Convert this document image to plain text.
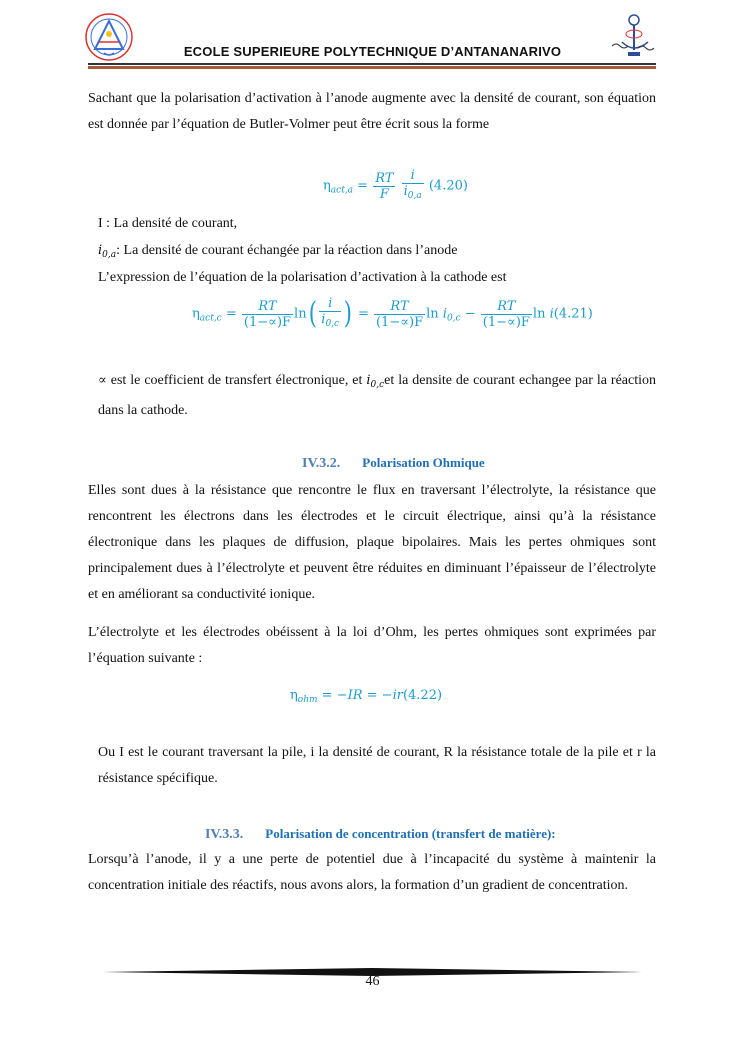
ECOLE SUPERIEURE POLYTECHNIQUE D’ANTANANARIVO
Sachant que la polarisation d’activation à l’anode augmente avec la densité de courant, son équation est donnée par l’équation de Butler-Volmer peut être écrit sous la forme
$\eta_{act,a} = \frac{RT}{F}$
$\frac{i}{i_{0,a}} (4.20)$
I : La densité de courant,
$i_{0,a}$: La densité de courant échangée par la réaction dans l’anode
L’expression de l’équation de la polarisation d’activation à la cathode est
$\eta_{act,c} = \frac{RT}{(1-\propto)F} \ln( \frac{i}{i_{0,c}}$ ) = $\frac{RT}{(1-\propto)F}$ $\ln i_{0,c} - \frac{RT}{(1-\propto)F}$ ln i(4.21)
∝ est le coefficient de transfert électronique, et $i_{0,c}et$ la densite de courant echangee par la réaction dans la cathode.
IV.3.2. Polarisation Ohmique
Elles sont dues à la résistance que rencontre le flux en traversant l’électrolyte, la résistance que rencontrent les électrons dans les électrodes et le circuit électrique, ainsi qu’à la résistance électronique dans les plaques de diffusion, plaque bipolaires. Mais les pertes ohmiques sont principalement dues à l’électrolyte et peuvent être réduites en diminuant l’épaisseur de l’électrolyte et en améliorant sa conductivité ionique.
L’électrolyte et les électrodes obéissent à la loi d’Ohm, les pertes ohmiques sont exprimées par l’équation suivante :
$\eta_{ohm} = -IR = -ir(4.22)$
Ou I est le courant traversant la pile, i la densité de courant, R la résistance totale de la pile et r la résistance spécifique.
IV.3.3. Polarisation de concentration (transfert de matière):
Lorsqu’à l’anode, il y a une perte de potentiel due à l’incapacité du système à maintenir la concentration initiale des réactifs, nous avons alors, la formation d’un gradient de concentration.
46
